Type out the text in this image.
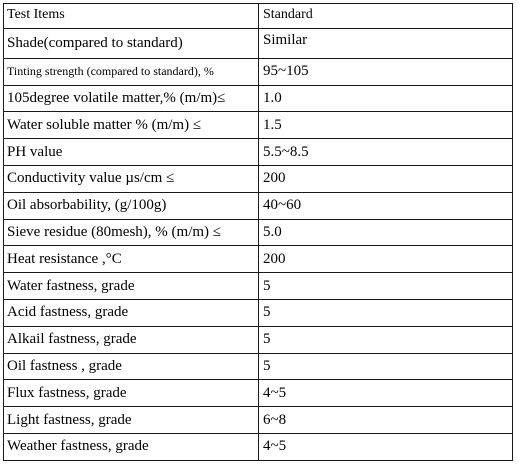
Test Items	Standard
Shade(compared to standard)	Similar
Tinting strength (compared to standard), %	95~105
105degree volatile matter,% (m/m)≤	1.0
Water soluble matter % (m/m) ≤	1.5
PH value	5.5~8.5
Conductivity value µs/cm ≤	200
Oil absorbability, (g/100g)	40~60
Sieve residue (80mesh), % (m/m) ≤	5.0
Heat resistance ,°C	200
Water fastness, grade	5
Acid fastness, grade	5
Alkail fastness, grade	5
Oil fastness , grade	5
Flux fastness, grade	4~5
Light fastness, grade	6~8
Weather fastness, grade	4~5
